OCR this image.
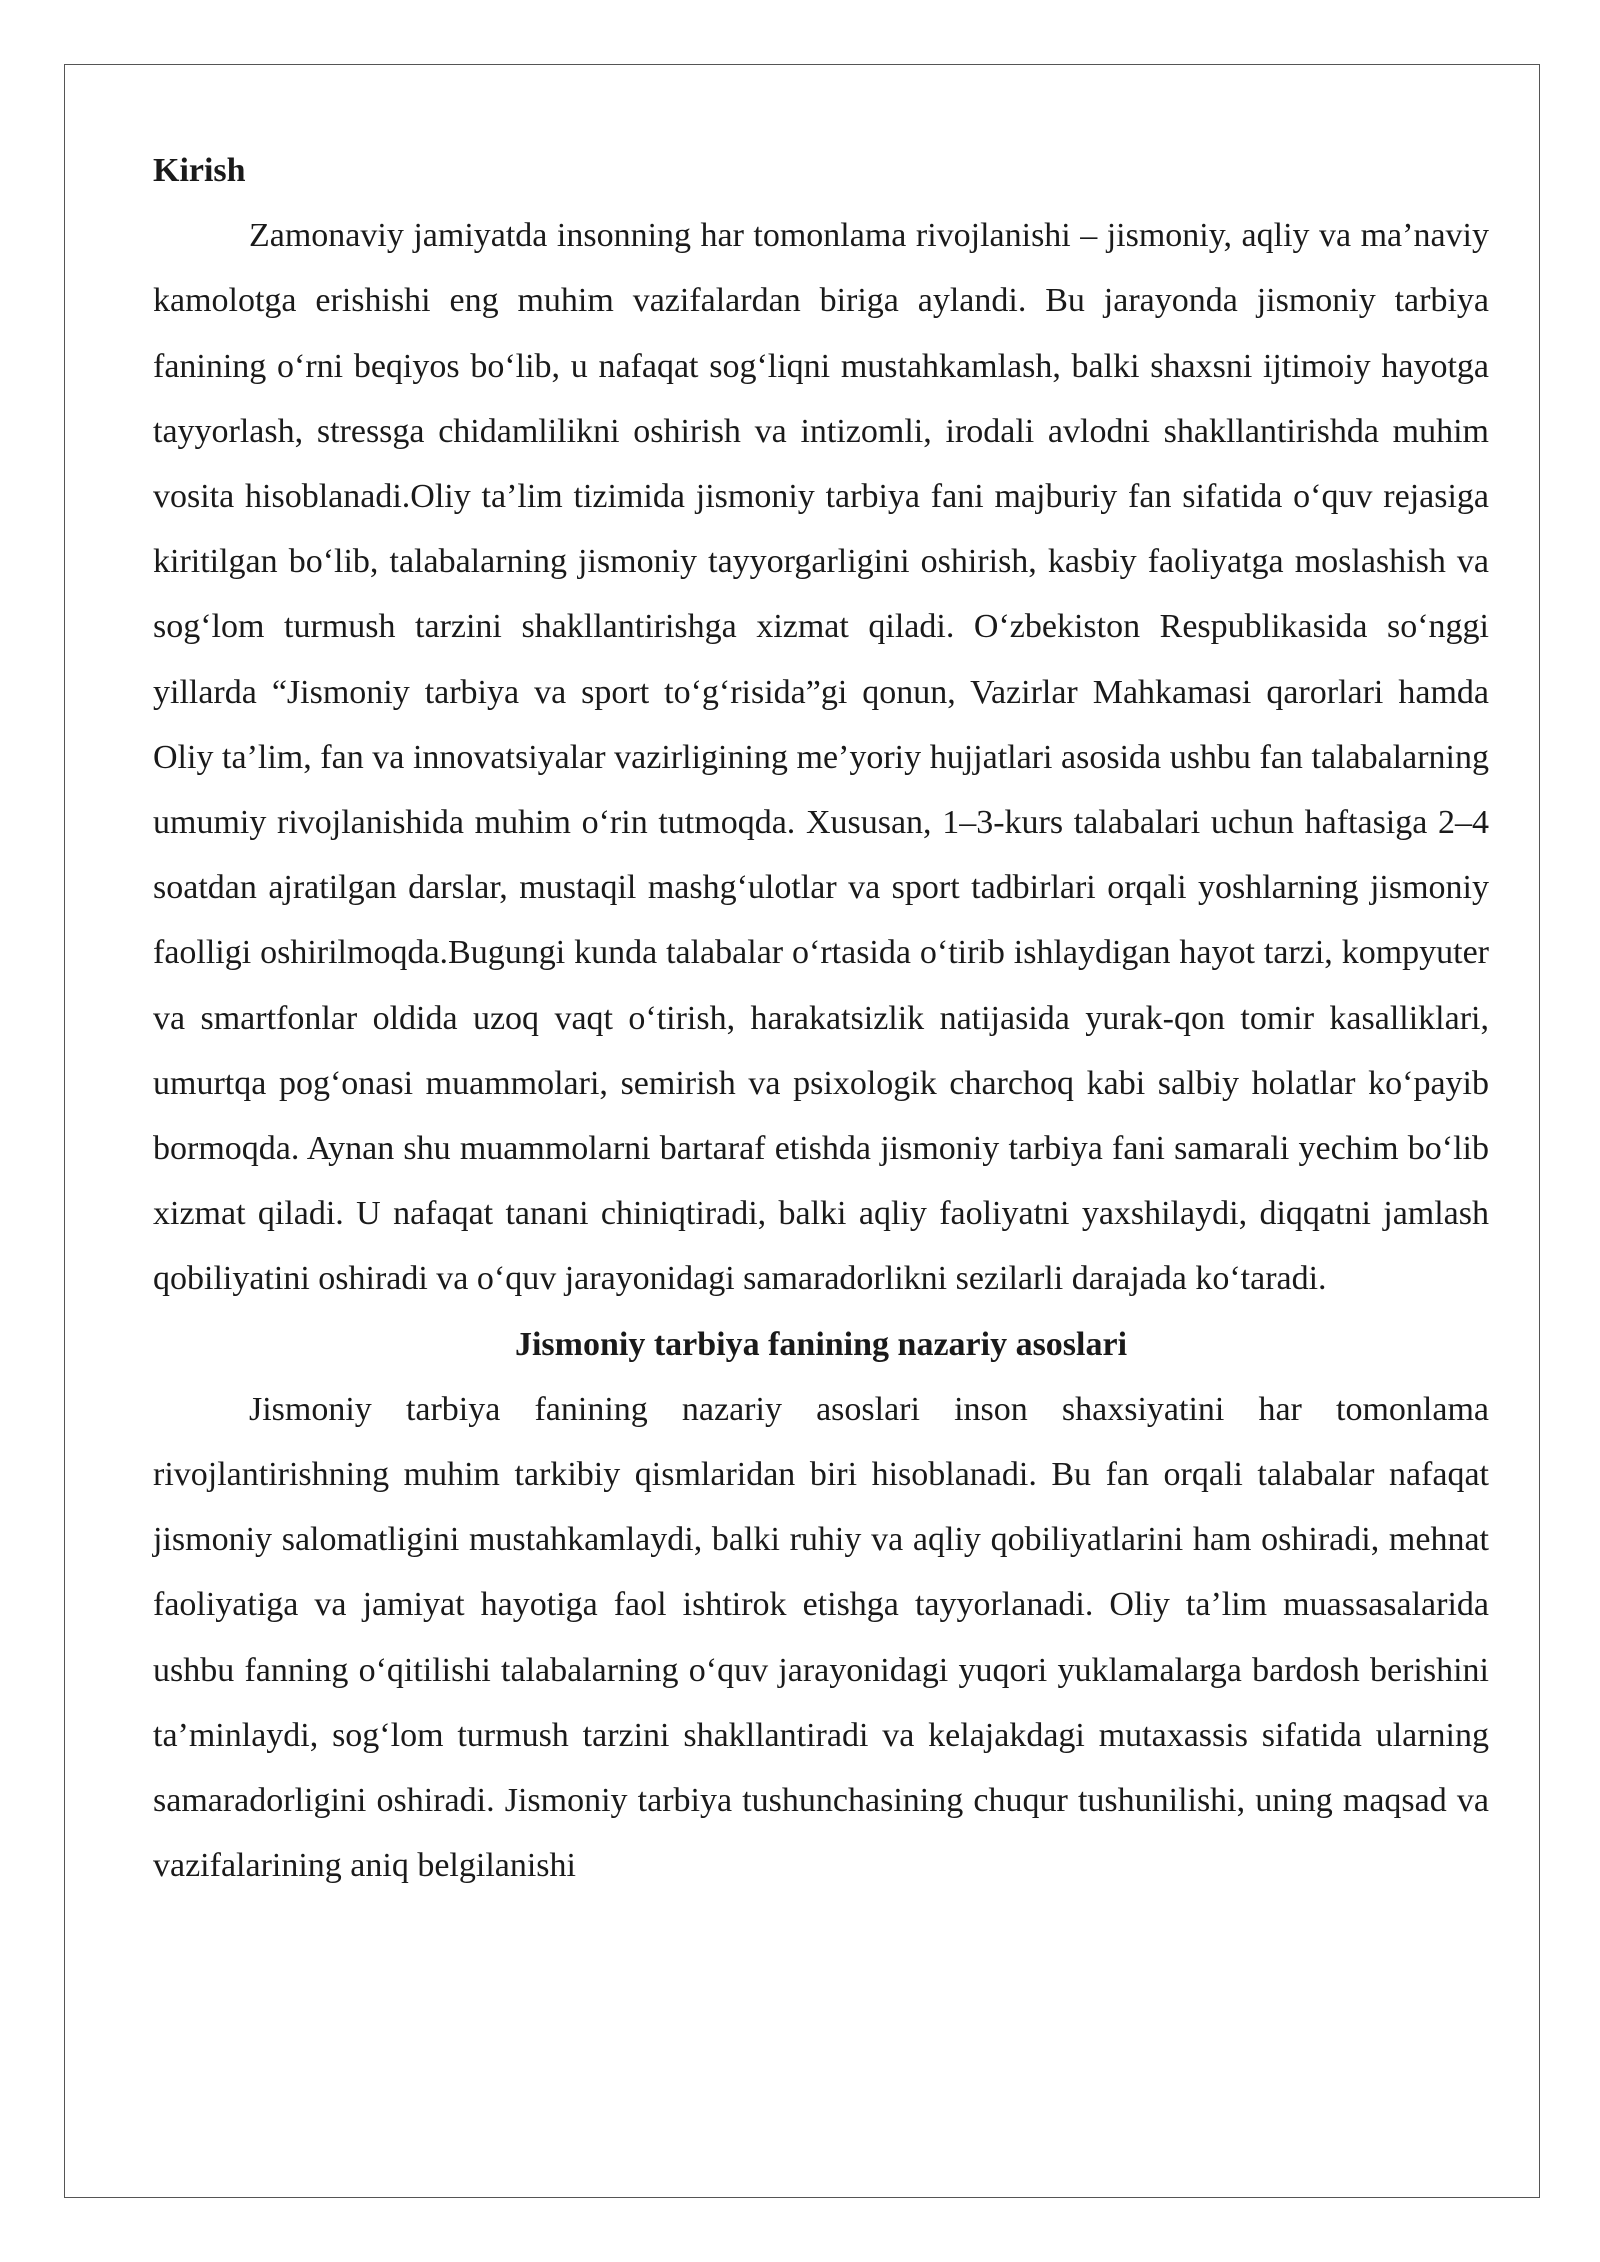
Kirish

Zamonaviy jamiyatda insonning har tomonlama rivojlanishi – jismoniy, aqliy va ma’naviy kamolotga erishishi eng muhim vazifalardan biriga aylandi. Bu jarayonda jismoniy tarbiya fanining o‘rni beqiyos bo‘lib, u nafaqat sog‘liqni mustahkamlash, balki shaxsni ijtimoiy hayotga tayyorlash, stressga chidamlilikni oshirish va intizomli, irodali avlodni shakllantirishda muhim vosita hisoblanadi.Oliy ta’lim tizimida jismoniy tarbiya fani majburiy fan sifatida o‘quv rejasiga kiritilgan bo‘lib, talabalarning jismoniy tayyorgarligini oshirish, kasbiy faoliyatga moslashish va sog‘lom turmush tarzini shakllantirishga xizmat qiladi. O‘zbekiston Respublikasida so‘nggi yillarda “Jismoniy tarbiya va sport to‘g‘risida”gi qonun, Vazirlar Mahkamasi qarorlari hamda Oliy ta’lim, fan va innovatsiyalar vazirligining me’yoriy hujjatlari asosida ushbu fan talabalarning umumiy rivojlanishida muhim o‘rin tutmoqda. Xususan, 1–3-kurs talabalari uchun haftasiga 2–4 soatdan ajratilgan darslar, mustaqil mashg‘ulotlar va sport tadbirlari orqali yoshlarning jismoniy faolligi oshirilmoqda.Bugungi kunda talabalar o‘rtasida o‘tirib ishlaydigan hayot tarzi, kompyuter va smartfonlar oldida uzoq vaqt o‘tirish, harakatsizlik natijasida yurak-qon tomir kasalliklari, umurtqa pog‘onasi muammolari, semirish va psixologik charchoq kabi salbiy holatlar ko‘payib bormoqda. Aynan shu muammolarni bartaraf etishda jismoniy tarbiya fani samarali yechim bo‘lib xizmat qiladi. U nafaqat tanani chiniqtiradi, balki aqliy faoliyatni yaxshilaydi, diqqatni jamlash qobiliyatini oshiradi va o‘quv jarayonidagi samaradorlikni sezilarli darajada ko‘taradi.

Jismoniy tarbiya fanining nazariy asoslari

Jismoniy tarbiya fanining nazariy asoslari inson shaxsiyatini har tomonlama rivojlantirishning muhim tarkibiy qismlaridan biri hisoblanadi. Bu fan orqali talabalar nafaqat jismoniy salomatligini mustahkamlaydi, balki ruhiy va aqliy qobiliyatlarini ham oshiradi, mehnat faoliyatiga va jamiyat hayotiga faol ishtirok etishga tayyorlanadi. Oliy ta’lim muassasalarida ushbu fanning o‘qitilishi talabalarning o‘quv jarayonidagi yuqori yuklamalarga bardosh berishini ta’minlaydi, sog‘lom turmush tarzini shakllantiradi va kelajakdagi mutaxassis sifatida ularning samaradorligini oshiradi. Jismoniy tarbiya tushunchasining chuqur tushunilishi, uning maqsad va vazifalarining aniq belgilanishi
